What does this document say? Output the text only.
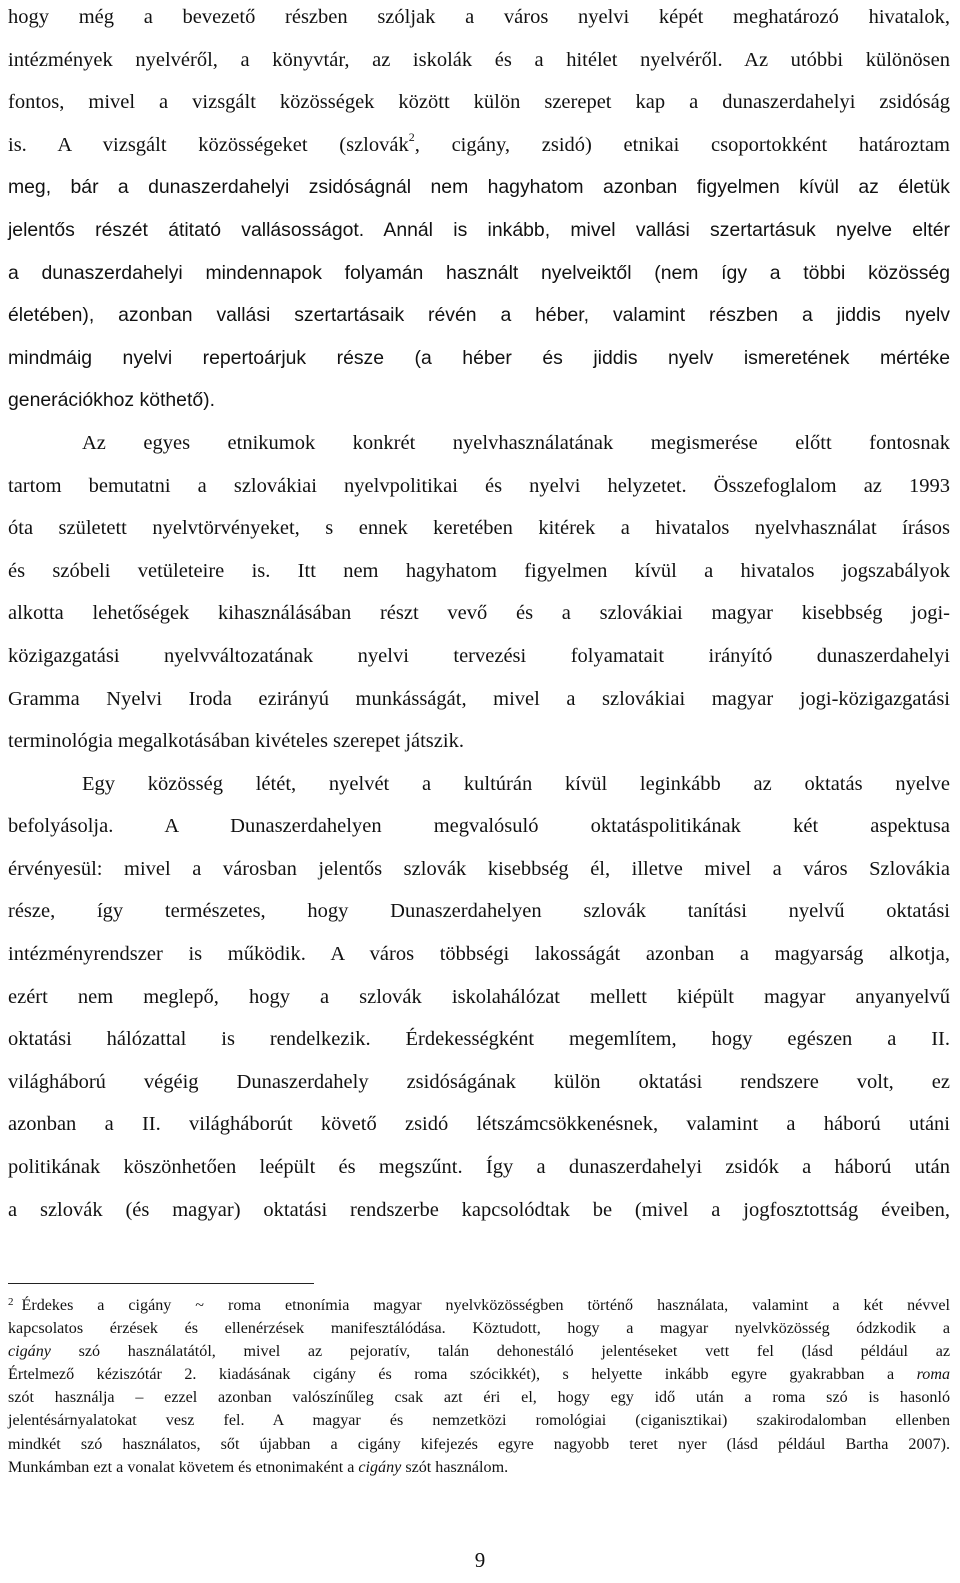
hogy még a bevezető részben szóljak a város nyelvi képét meghatározó hivatalok,
intézmények nyelvéről, a könyvtár, az iskolák és a hitélet nyelvéről. Az utóbbi különösen
fontos, mivel a vizsgált közösségek között külön szerepet kap a dunaszerdahelyi zsidóság
is. A vizsgált közösségeket (szlovák$^2$, cigány, zsidó) etnikai csoportokként határoztam
meg, bár a dunaszerdahelyi zsidóságnál nem hagyhatom azonban figyelmen kívül az életük
jelentős részét átitató vallásosságot. Annál is inkább, mivel vallási szertartásuk nyelve eltér
a dunaszerdahelyi mindennapok folyamán használt nyelveiktől (nem így a többi közösség
életében), azonban vallási szertartásaik révén a héber, valamint részben a jiddis nyelv
mindmáig nyelvi repertoárjuk része (a héber és jiddis nyelv ismeretének mértéke
generációkhoz köthető).
Az egyes etnikumok konkrét nyelvhasználatának megismerése előtt fontosnak
tartom bemutatni a szlovákiai nyelvpolitikai és nyelvi helyzetet. Összefoglalom az 1993
óta született nyelvtörvényeket, s ennek keretében kitérek a hivatalos nyelvhasználat írásos
és szóbeli vetületeire is. Itt nem hagyhatom figyelmen kívül a hivatalos jogszabályok
alkotta lehetőségek kihasználásában részt vevő és a szlovákiai magyar kisebbség jogi-
közigazgatási nyelvváltozatának nyelvi tervezési folyamatait irányító dunaszerdahelyi
Gramma Nyelvi Iroda ezirányú munkásságát, mivel a szlovákiai magyar jogi-közigazgatási
terminológia megalkotásában kivételes szerepet játszik.
Egy közösség létét, nyelvét a kultúrán kívül leginkább az oktatás nyelve
befolyásolja. A Dunaszerdahelyen megvalósuló oktatáspolitikának két aspektusa
érvényesül: mivel a városban jelentős szlovák kisebbség él, illetve mivel a város Szlovákia
része, így természetes, hogy Dunaszerdahelyen szlovák tanítási nyelvű oktatási
intézményrendszer is működik. A város többségi lakosságát azonban a magyarság alkotja,
ezért nem meglepő, hogy a szlovák iskolahálózat mellett kiépült magyar anyanyelvű
oktatási hálózattal is rendelkezik. Érdekességként megemlítem, hogy egészen a II.
világháború végéig Dunaszerdahely zsidóságának külön oktatási rendszere volt, ez
azonban a II. világháborút követő zsidó létszámcsökkenésnek, valamint a háború utáni
politikának köszönhetően leépült és megszűnt. Így a dunaszerdahelyi zsidók a háború után
a szlovák (és magyar) oktatási rendszerbe kapcsolódtak be (mivel a jogfosztottság éveiben,
$^2$ Érdekes a cigány ~ roma etnonímia magyar nyelvközösségben történő használata, valamint a két névvel
kapcsolatos érzések és ellenérzések manifesztálódása. Köztudott, hogy a magyar nyelvközösség ódzkodik a
cigány szó használatától, mivel az pejoratív, talán dehonestáló jelentéseket vett fel (lásd például az
Értelmező kéziszótár 2. kiadásának cigány és roma szócikkét), s helyette inkább egyre gyakrabban a roma
szót használja – ezzel azonban valószínűleg csak azt éri el, hogy egy idő után a roma szó is hasonló
jelentésárnyalatokat vesz fel. A magyar és nemzetközi romológiai (ciganisztikai) szakirodalomban ellenben
mindkét szó használatos, sőt újabban a cigány kifejezés egyre nagyobb teret nyer (lásd például Bartha 2007).
Munkámban ezt a vonalat követem és etnonimaként a cigány szót használom.
9
